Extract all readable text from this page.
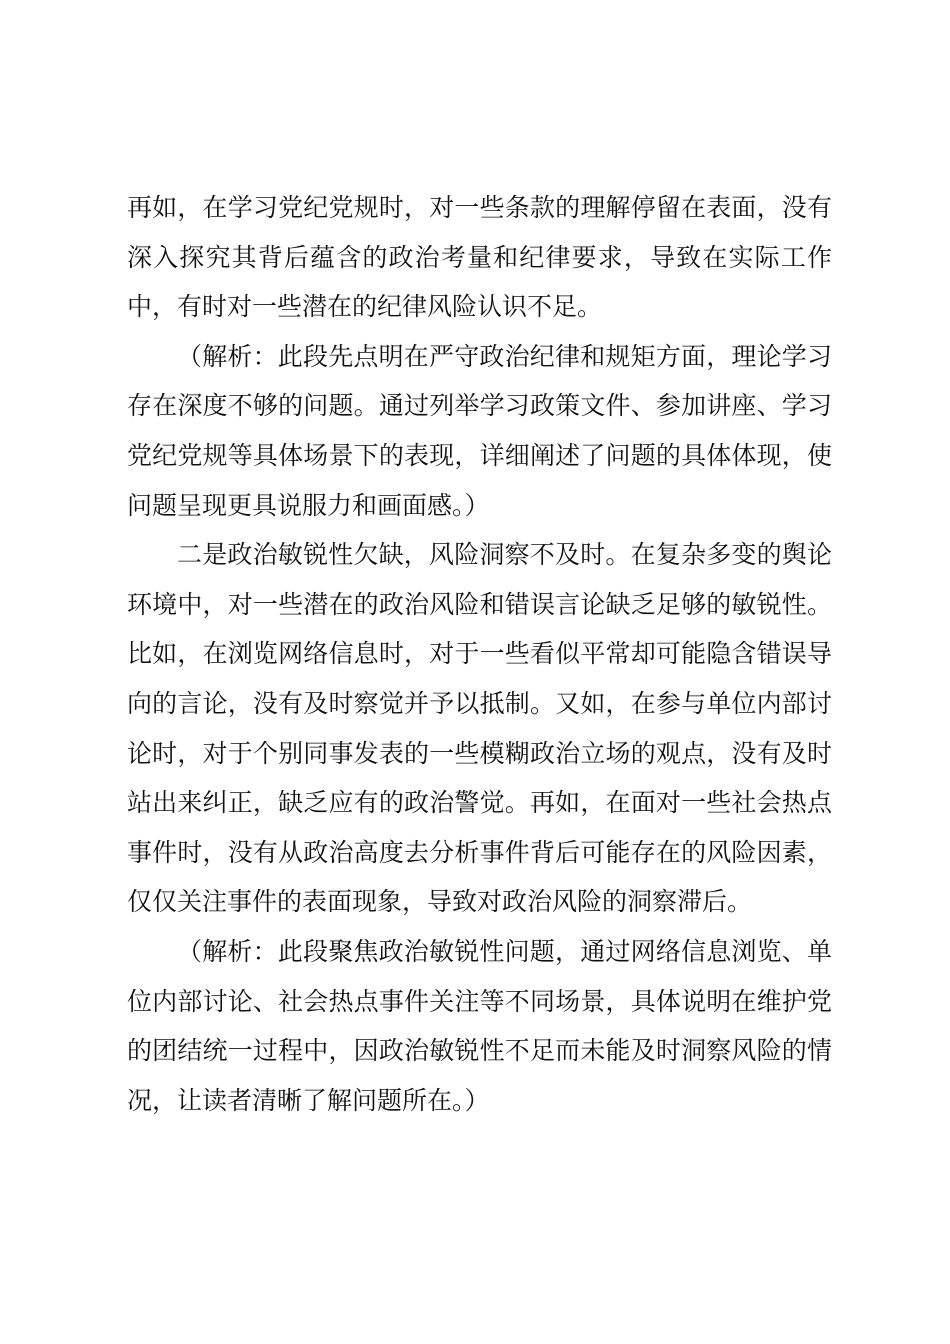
再如，在学习党纪党规时，对一些条款的理解停留在表面，没有深入探究其背后蕴含的政治考量和纪律要求，导致在实际工作中，有时对一些潜在的纪律风险认识不足。

（解析：此段先点明在严守政治纪律和规矩方面，理论学习存在深度不够的问题。通过列举学习政策文件、参加讲座、学习党纪党规等具体场景下的表现，详细阐述了问题的具体体现，使问题呈现更具说服力和画面感。）

二是政治敏锐性欠缺，风险洞察不及时。在复杂多变的舆论环境中，对一些潜在的政治风险和错误言论缺乏足够的敏锐性。比如，在浏览网络信息时，对于一些看似平常却可能隐含错误导向的言论，没有及时察觉并予以抵制。又如，在参与单位内部讨论时，对于个别同事发表的一些模糊政治立场的观点，没有及时站出来纠正，缺乏应有的政治警觉。再如，在面对一些社会热点事件时，没有从政治高度去分析事件背后可能存在的风险因素，仅仅关注事件的表面现象，导致对政治风险的洞察滞后。

（解析：此段聚焦政治敏锐性问题，通过网络信息浏览、单位内部讨论、社会热点事件关注等不同场景，具体说明在维护党的团结统一过程中，因政治敏锐性不足而未能及时洞察风险的情况，让读者清晰了解问题所在。）
